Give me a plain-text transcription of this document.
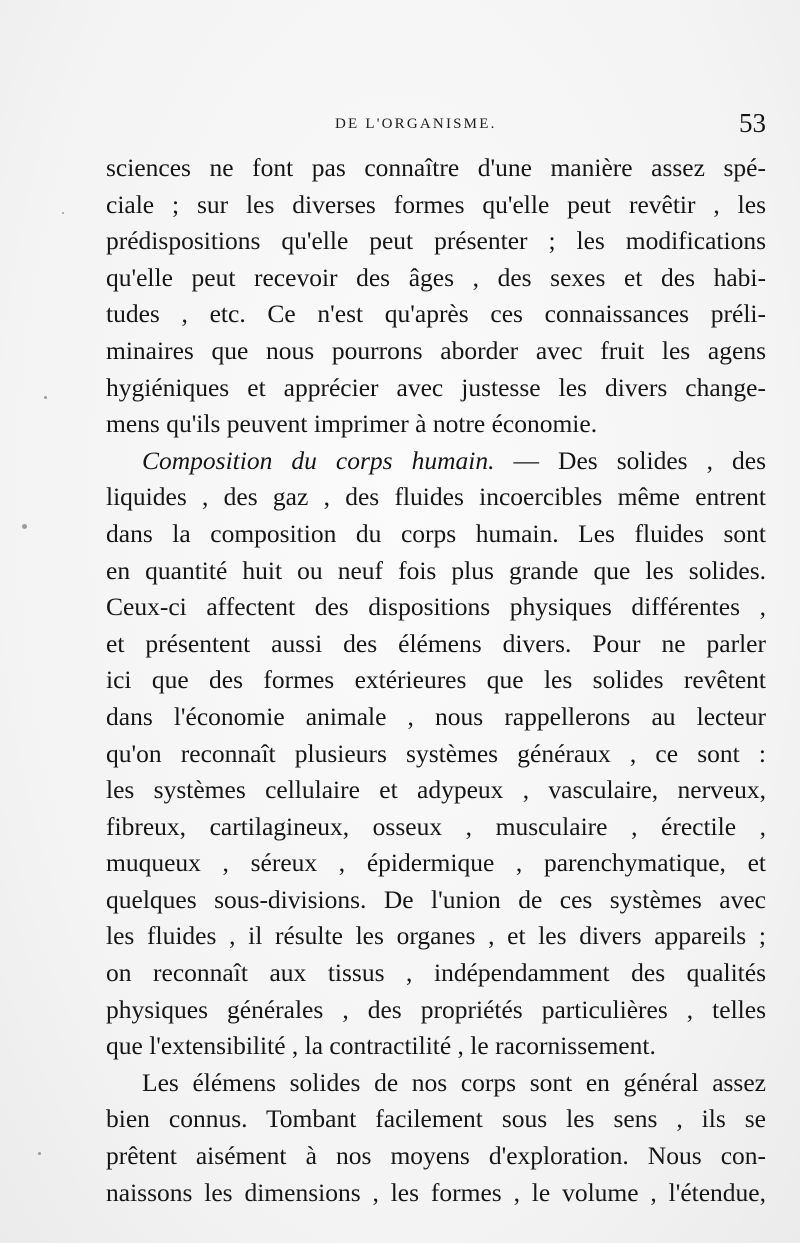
DE L'ORGANISME.	53
sciences ne font pas connaître d'une manière assez spé-
ciale ; sur les diverses formes qu'elle peut revêtir , les
prédispositions qu'elle peut présenter ; les modifications
qu'elle peut recevoir des âges , des sexes et des habi-
tudes , etc. Ce n'est qu'après ces connaissances préli-
minaires que nous pourrons aborder avec fruit les agens
hygiéniques et apprécier avec justesse les divers change-
mens qu'ils peuvent imprimer à notre économie.
Composition du corps humain. — Des solides , des
liquides , des gaz , des fluides incoercibles même entrent
dans la composition du corps humain. Les fluides sont
en quantité huit ou neuf fois plus grande que les solides.
Ceux-ci affectent des dispositions physiques différentes ,
et présentent aussi des élémens divers. Pour ne parler
ici que des formes extérieures que les solides revêtent
dans l'économie animale , nous rappellerons au lecteur
qu'on reconnaît plusieurs systèmes généraux , ce sont :
les systèmes cellulaire et adypeux , vasculaire, nerveux,
fibreux, cartilagineux, osseux , musculaire , érectile ,
muqueux , séreux , épidermique , parenchymatique, et
quelques sous-divisions. De l'union de ces systèmes avec
les fluides , il résulte les organes , et les divers appareils ;
on reconnaît aux tissus , indépendamment des qualités
physiques générales , des propriétés particulières , telles
que l'extensibilité , la contractilité , le racornissement.
Les élémens solides de nos corps sont en général assez
bien connus. Tombant facilement sous les sens , ils se
prêtent aisément à nos moyens d'exploration. Nous con-
naissons les dimensions , les formes , le volume , l'étendue,
